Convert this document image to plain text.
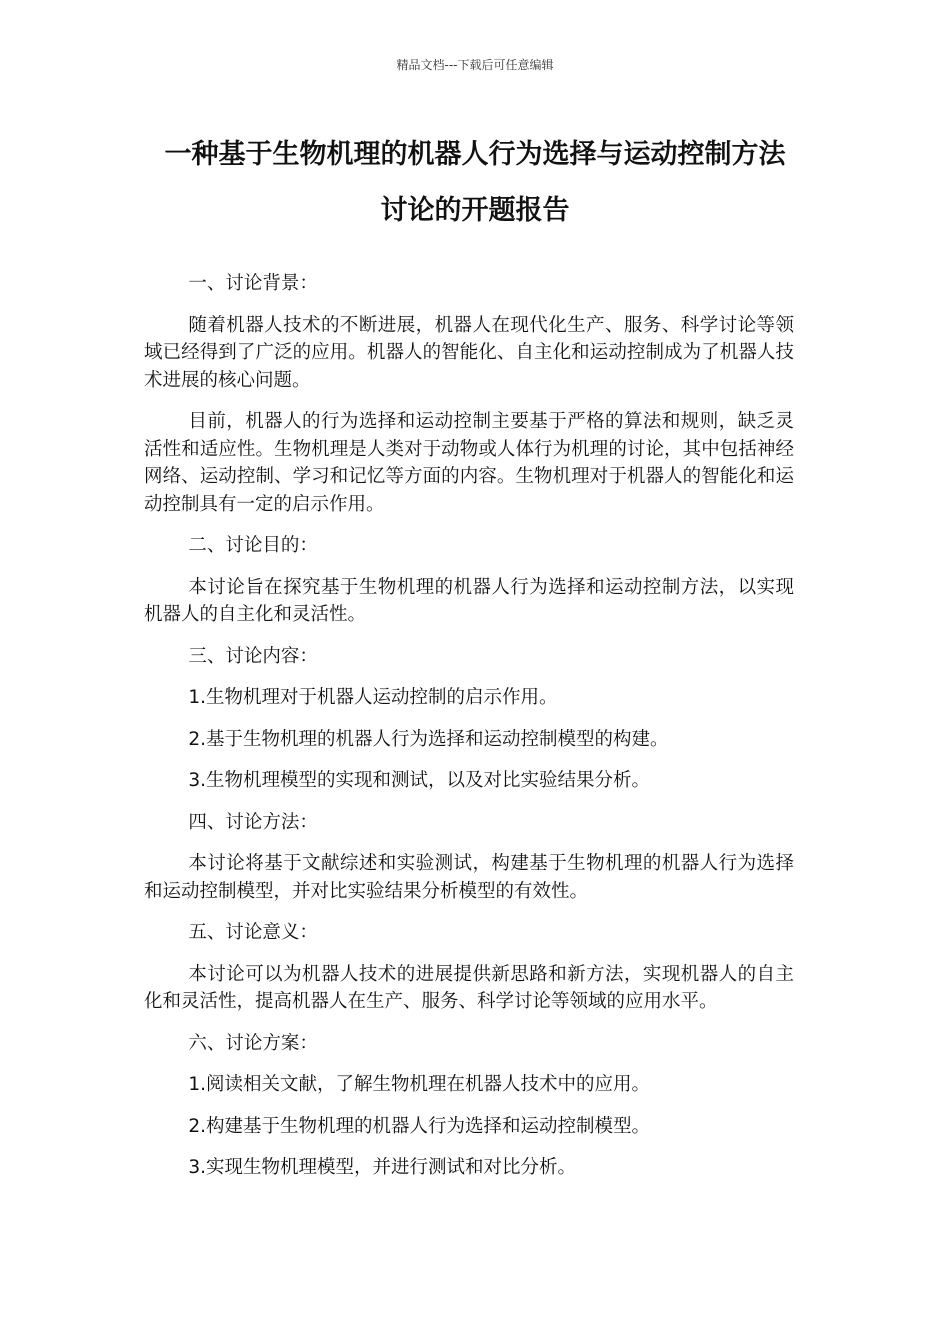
精品文档---下载后可任意编辑
一种基于生物机理的机器人行为选择与运动控制方法
讨论的开题报告
一、讨论背景：
随着机器人技术的不断进展，机器人在现代化生产、服务、科学讨论等领域已经得到了广泛的应用。机器人的智能化、自主化和运动控制成为了机器人技术进展的核心问题。
目前，机器人的行为选择和运动控制主要基于严格的算法和规则，缺乏灵活性和适应性。生物机理是人类对于动物或人体行为机理的讨论，其中包括神经网络、运动控制、学习和记忆等方面的内容。生物机理对于机器人的智能化和运动控制具有一定的启示作用。
二、讨论目的：
本讨论旨在探究基于生物机理的机器人行为选择和运动控制方法，以实现机器人的自主化和灵活性。
三、讨论内容：
1.生物机理对于机器人运动控制的启示作用。
2.基于生物机理的机器人行为选择和运动控制模型的构建。
3.生物机理模型的实现和测试，以及对比实验结果分析。
四、讨论方法：
本讨论将基于文献综述和实验测试，构建基于生物机理的机器人行为选择和运动控制模型，并对比实验结果分析模型的有效性。
五、讨论意义：
本讨论可以为机器人技术的进展提供新思路和新方法，实现机器人的自主化和灵活性，提高机器人在生产、服务、科学讨论等领域的应用水平。
六、讨论方案：
1.阅读相关文献，了解生物机理在机器人技术中的应用。
2.构建基于生物机理的机器人行为选择和运动控制模型。
3.实现生物机理模型，并进行测试和对比分析。
